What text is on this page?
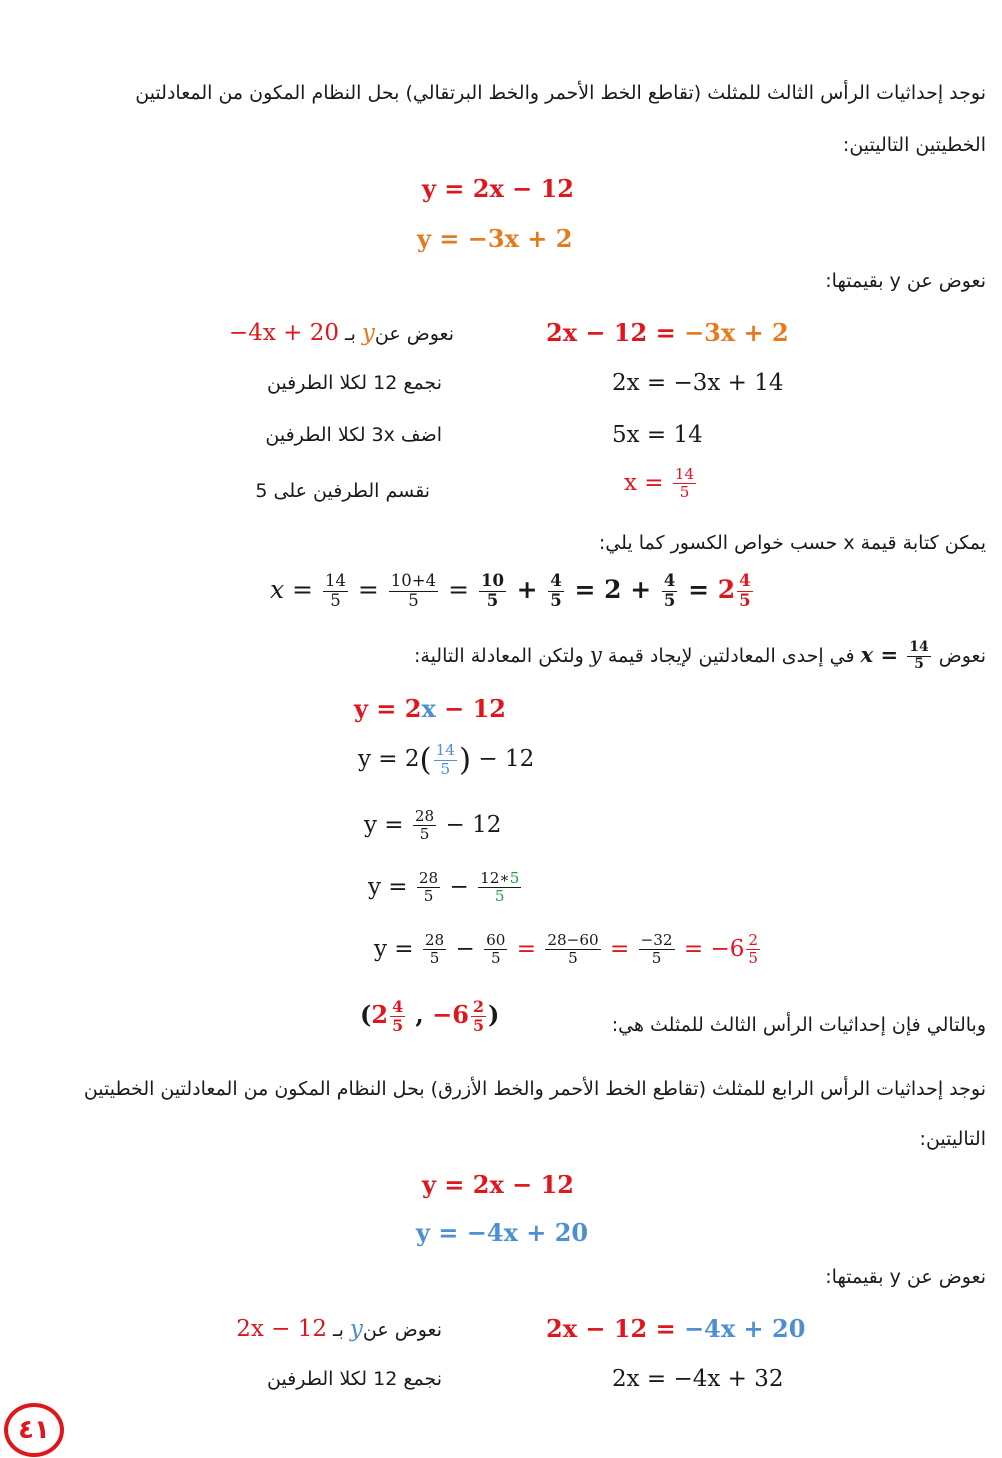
نوجد إحداثيات الرأس الثالث للمثلث (تقاطع الخط الأحمر والخط البرتقالي) بحل النظام المكون من المعادلتين
الخطيتين التاليتين:
y = 2x − 12
y = −3x + 2
نعوض عن y بقيمتها:
2x − 12 = −3x + 2
نعوض عنy بـ −4x + 20
2x = −3x + 14
نجمع 12 لكلا الطرفين
5x = 14
اضف 3x لكلا الطرفين
$x = \frac{14}{5}$
نقسم الطرفين على 5
يمكن كتابة قيمة x حسب خواص الكسور كما يلي:
$x = \frac{14}{5} = \frac{10+4}{5} = \frac{10}{5} + \frac{4}{5} = 2 + \frac{4}{5} = 2 \frac{4}{5}$
نعوض $x = \frac{14}{5}$
في إحدى المعادلتين لإيجاد قيمة y ولتكن المعادلة التالية:
y = 2x − 12
$y = 2( \frac{14}{5}$ ) − 12
$y = \frac{28}{5} - 12$
$y = \frac{28}{5} - \frac{12∗5}{5}$
$y = \frac{28}{5} - \frac{60}{5} = \frac{28-60}{5} = \frac{-32}{5} = -6 \frac{2}{5}$
وبالتالي فإن إحداثيات الرأس الثالث للمثلث هي:
($2 \frac{4}{5}$ , $-6 \frac{2}{5}$ )
نوجد إحداثيات الرأس الرابع للمثلث (تقاطع الخط الأحمر والخط الأزرق) بحل النظام المكون من المعادلتين الخطيتين
التاليتين:
y = 2x − 12
y = −4x + 20
نعوض عن y بقيمتها:
2x − 12 = −4x + 20
نعوض عنy بـ 2x − 12
2x = −4x + 32
نجمع 12 لكلا الطرفين
٤١
